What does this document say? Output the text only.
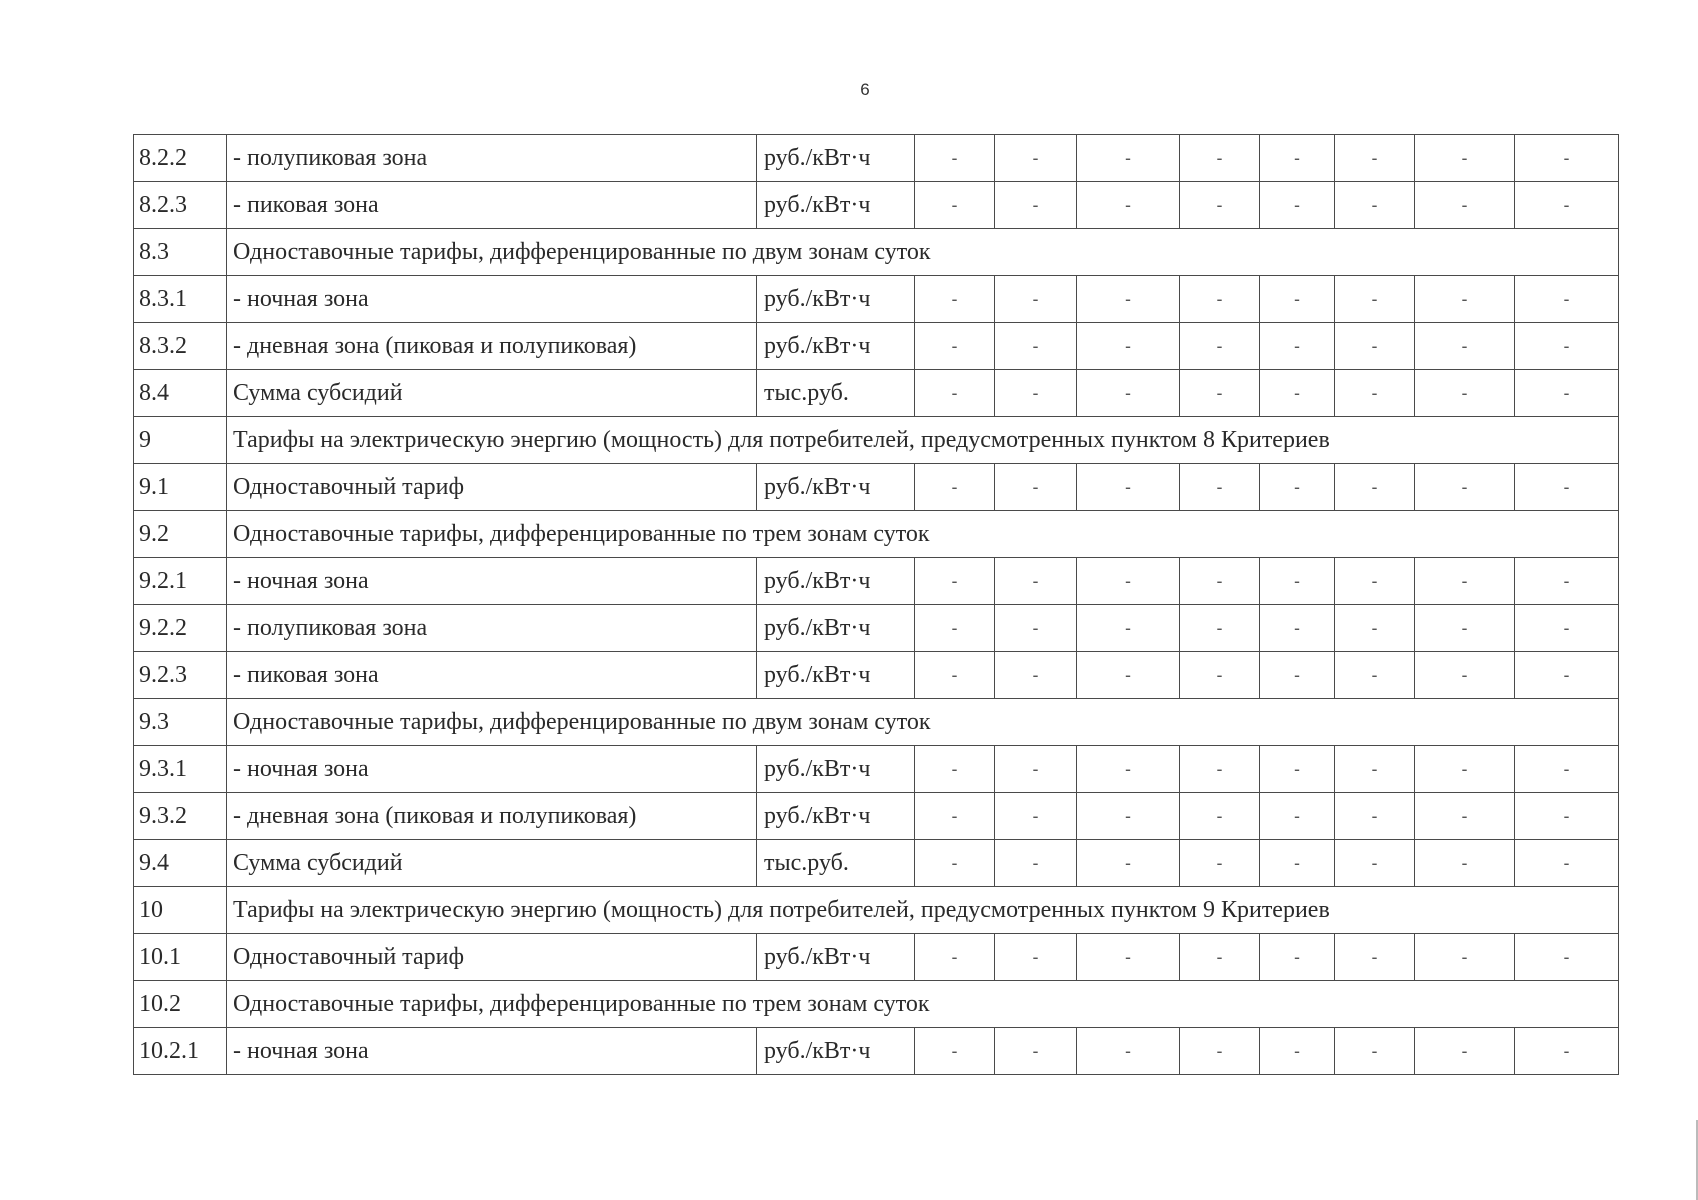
6
8.2.2	- полупиковая зона	руб./кВт·ч	-	-	-	-	-	-	-	-
8.2.3	- пиковая зона	руб./кВт·ч	-	-	-	-	-	-	-	-
8.3	Одноставочные тарифы, дифференцированные по двум зонам суток									
8.3.1	- ночная зона	руб./кВт·ч	-	-	-	-	-	-	-	-
8.3.2	- дневная зона (пиковая и полупиковая)	руб./кВт·ч	-	-	-	-	-	-	-	-
8.4	Сумма субсидий	тыс.руб.	-	-	-	-	-	-	-	-
9	Тарифы на электрическую энергию (мощность) для потребителей, предусмотренных пунктом 8 Критериев									
9.1	Одноставочный тариф	руб./кВт·ч	-	-	-	-	-	-	-	-
9.2	Одноставочные тарифы, дифференцированные по трем зонам суток									
9.2.1	- ночная зона	руб./кВт·ч	-	-	-	-	-	-	-	-
9.2.2	- полупиковая зона	руб./кВт·ч	-	-	-	-	-	-	-	-
9.2.3	- пиковая зона	руб./кВт·ч	-	-	-	-	-	-	-	-
9.3	Одноставочные тарифы, дифференцированные по двум зонам суток									
9.3.1	- ночная зона	руб./кВт·ч	-	-	-	-	-	-	-	-
9.3.2	- дневная зона (пиковая и полупиковая)	руб./кВт·ч	-	-	-	-	-	-	-	-
9.4	Сумма субсидий	тыс.руб.	-	-	-	-	-	-	-	-
10	Тарифы на электрическую энергию (мощность) для потребителей, предусмотренных пунктом 9 Критериев									
10.1	Одноставочный тариф	руб./кВт·ч	-	-	-	-	-	-	-	-
10.2	Одноставочные тарифы, дифференцированные по трем зонам суток									
10.2.1	- ночная зона	руб./кВт·ч	-	-	-	-	-	-	-	-
